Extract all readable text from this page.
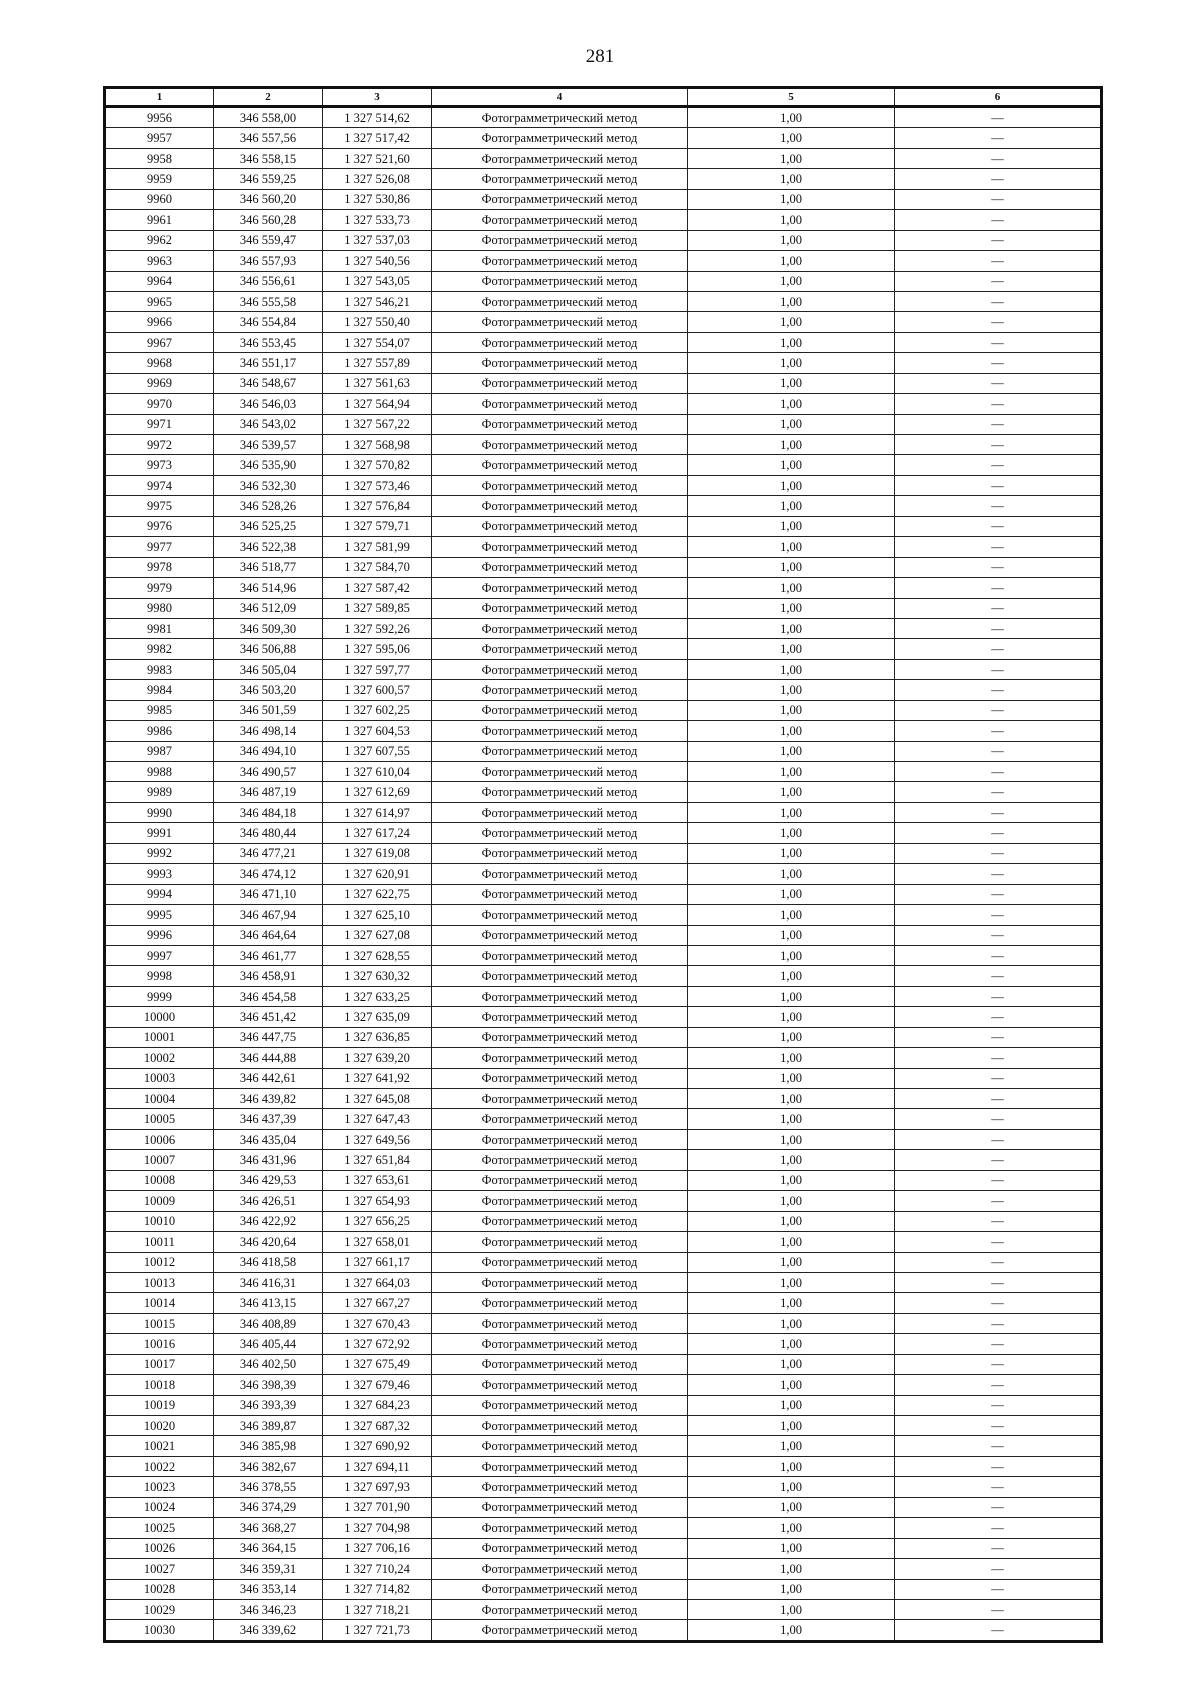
281
1	2	3	4	5	6
9956	346 558,00	1 327 514,62	Фотограмметрический метод	1,00	—
9957	346 557,56	1 327 517,42	Фотограмметрический метод	1,00	—
9958	346 558,15	1 327 521,60	Фотограмметрический метод	1,00	—
9959	346 559,25	1 327 526,08	Фотограмметрический метод	1,00	—
9960	346 560,20	1 327 530,86	Фотограмметрический метод	1,00	—
9961	346 560,28	1 327 533,73	Фотограмметрический метод	1,00	—
9962	346 559,47	1 327 537,03	Фотограмметрический метод	1,00	—
9963	346 557,93	1 327 540,56	Фотограмметрический метод	1,00	—
9964	346 556,61	1 327 543,05	Фотограмметрический метод	1,00	—
9965	346 555,58	1 327 546,21	Фотограмметрический метод	1,00	—
9966	346 554,84	1 327 550,40	Фотограмметрический метод	1,00	—
9967	346 553,45	1 327 554,07	Фотограмметрический метод	1,00	—
9968	346 551,17	1 327 557,89	Фотограмметрический метод	1,00	—
9969	346 548,67	1 327 561,63	Фотограмметрический метод	1,00	—
9970	346 546,03	1 327 564,94	Фотограмметрический метод	1,00	—
9971	346 543,02	1 327 567,22	Фотограмметрический метод	1,00	—
9972	346 539,57	1 327 568,98	Фотограмметрический метод	1,00	—
9973	346 535,90	1 327 570,82	Фотограмметрический метод	1,00	—
9974	346 532,30	1 327 573,46	Фотограмметрический метод	1,00	—
9975	346 528,26	1 327 576,84	Фотограмметрический метод	1,00	—
9976	346 525,25	1 327 579,71	Фотограмметрический метод	1,00	—
9977	346 522,38	1 327 581,99	Фотограмметрический метод	1,00	—
9978	346 518,77	1 327 584,70	Фотограмметрический метод	1,00	—
9979	346 514,96	1 327 587,42	Фотограмметрический метод	1,00	—
9980	346 512,09	1 327 589,85	Фотограмметрический метод	1,00	—
9981	346 509,30	1 327 592,26	Фотограмметрический метод	1,00	—
9982	346 506,88	1 327 595,06	Фотограмметрический метод	1,00	—
9983	346 505,04	1 327 597,77	Фотограмметрический метод	1,00	—
9984	346 503,20	1 327 600,57	Фотограмметрический метод	1,00	—
9985	346 501,59	1 327 602,25	Фотограмметрический метод	1,00	—
9986	346 498,14	1 327 604,53	Фотограмметрический метод	1,00	—
9987	346 494,10	1 327 607,55	Фотограмметрический метод	1,00	—
9988	346 490,57	1 327 610,04	Фотограмметрический метод	1,00	—
9989	346 487,19	1 327 612,69	Фотограмметрический метод	1,00	—
9990	346 484,18	1 327 614,97	Фотограмметрический метод	1,00	—
9991	346 480,44	1 327 617,24	Фотограмметрический метод	1,00	—
9992	346 477,21	1 327 619,08	Фотограмметрический метод	1,00	—
9993	346 474,12	1 327 620,91	Фотограмметрический метод	1,00	—
9994	346 471,10	1 327 622,75	Фотограмметрический метод	1,00	—
9995	346 467,94	1 327 625,10	Фотограмметрический метод	1,00	—
9996	346 464,64	1 327 627,08	Фотограмметрический метод	1,00	—
9997	346 461,77	1 327 628,55	Фотограмметрический метод	1,00	—
9998	346 458,91	1 327 630,32	Фотограмметрический метод	1,00	—
9999	346 454,58	1 327 633,25	Фотограмметрический метод	1,00	—
10000	346 451,42	1 327 635,09	Фотограмметрический метод	1,00	—
10001	346 447,75	1 327 636,85	Фотограмметрический метод	1,00	—
10002	346 444,88	1 327 639,20	Фотограмметрический метод	1,00	—
10003	346 442,61	1 327 641,92	Фотограмметрический метод	1,00	—
10004	346 439,82	1 327 645,08	Фотограмметрический метод	1,00	—
10005	346 437,39	1 327 647,43	Фотограмметрический метод	1,00	—
10006	346 435,04	1 327 649,56	Фотограмметрический метод	1,00	—
10007	346 431,96	1 327 651,84	Фотограмметрический метод	1,00	—
10008	346 429,53	1 327 653,61	Фотограмметрический метод	1,00	—
10009	346 426,51	1 327 654,93	Фотограмметрический метод	1,00	—
10010	346 422,92	1 327 656,25	Фотограмметрический метод	1,00	—
10011	346 420,64	1 327 658,01	Фотограмметрический метод	1,00	—
10012	346 418,58	1 327 661,17	Фотограмметрический метод	1,00	—
10013	346 416,31	1 327 664,03	Фотограмметрический метод	1,00	—
10014	346 413,15	1 327 667,27	Фотограмметрический метод	1,00	—
10015	346 408,89	1 327 670,43	Фотограмметрический метод	1,00	—
10016	346 405,44	1 327 672,92	Фотограмметрический метод	1,00	—
10017	346 402,50	1 327 675,49	Фотограмметрический метод	1,00	—
10018	346 398,39	1 327 679,46	Фотограмметрический метод	1,00	—
10019	346 393,39	1 327 684,23	Фотограмметрический метод	1,00	—
10020	346 389,87	1 327 687,32	Фотограмметрический метод	1,00	—
10021	346 385,98	1 327 690,92	Фотограмметрический метод	1,00	—
10022	346 382,67	1 327 694,11	Фотограмметрический метод	1,00	—
10023	346 378,55	1 327 697,93	Фотограмметрический метод	1,00	—
10024	346 374,29	1 327 701,90	Фотограмметрический метод	1,00	—
10025	346 368,27	1 327 704,98	Фотограмметрический метод	1,00	—
10026	346 364,15	1 327 706,16	Фотограмметрический метод	1,00	—
10027	346 359,31	1 327 710,24	Фотограмметрический метод	1,00	—
10028	346 353,14	1 327 714,82	Фотограмметрический метод	1,00	—
10029	346 346,23	1 327 718,21	Фотограмметрический метод	1,00	—
10030	346 339,62	1 327 721,73	Фотограмметрический метод	1,00	—
